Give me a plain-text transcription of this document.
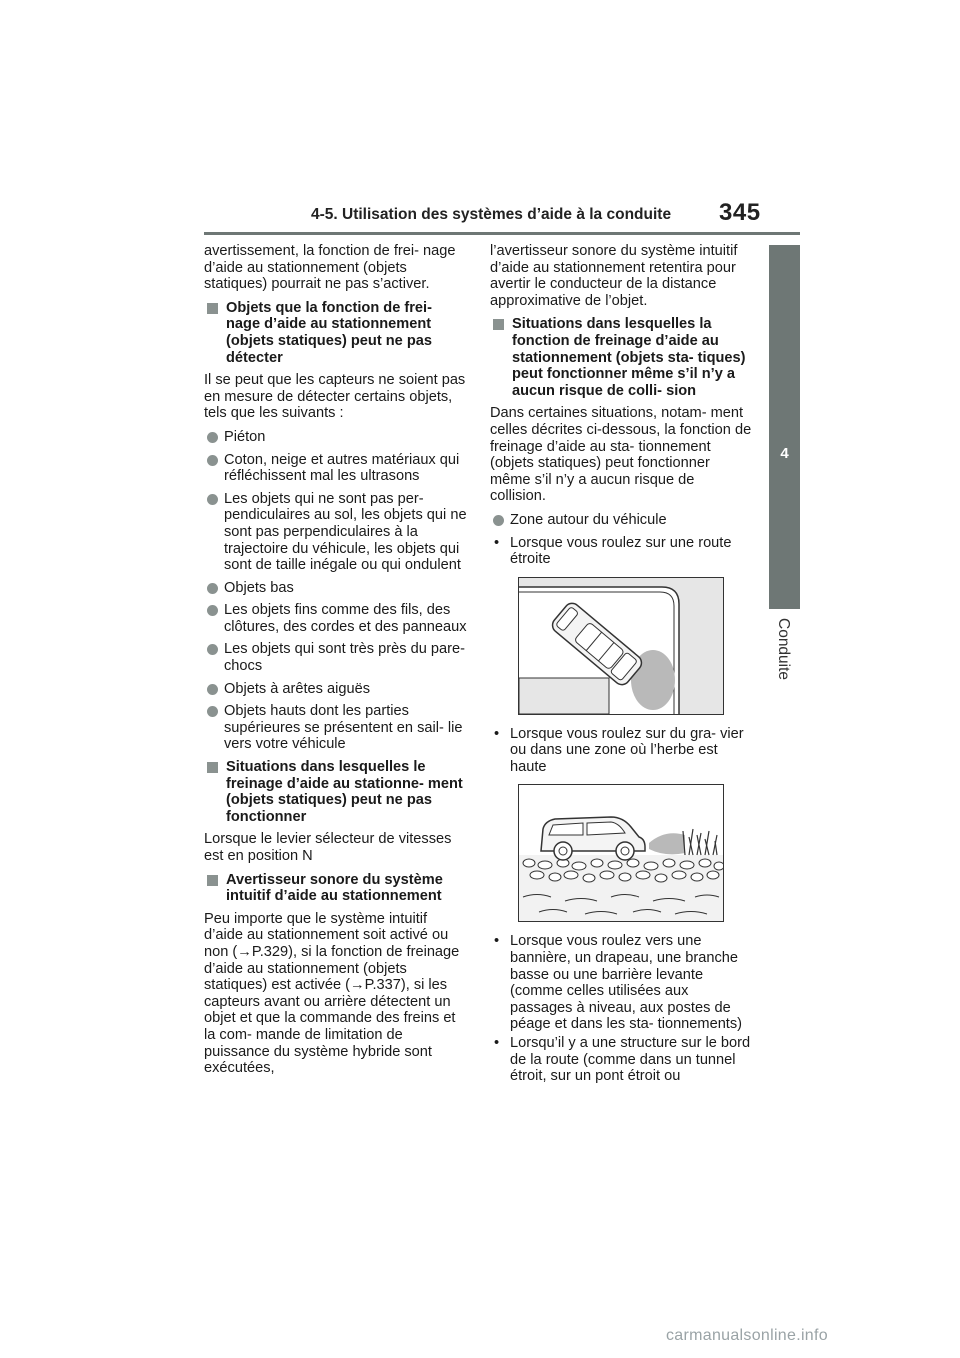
4-5. Utilisation des systèmes d’aide à la conduite 345
4
Conduite

avertissement, la fonction de frei- nage d’aide au stationnement (objets statiques) pourrait ne pas s’activer.

Objets que la fonction de frei- nage d’aide au stationnement (objets statiques) peut ne pas détecter

Il se peut que les capteurs ne soient pas en mesure de détecter certains objets, tels que les suivants :

Piéton
Coton, neige et autres matériaux qui réfléchissent mal les ultrasons
Les objets qui ne sont pas per- pendiculaires au sol, les objets qui ne sont pas perpendiculaires à la trajectoire du véhicule, les objets qui sont de taille inégale ou qui ondulent
Objets bas
Les objets fins comme des fils, des clôtures, des cordes et des panneaux
Les objets qui sont très près du pare-chocs
Objets à arêtes aiguës
Objets hauts dont les parties supérieures se présentent en sail- lie vers votre véhicule
Situations dans lesquelles le freinage d’aide au stationne- ment (objets statiques) peut ne pas fonctionner

Lorsque le levier sélecteur de vitesses est en position N

Avertisseur sonore du système intuitif d’aide au stationnement

Peu importe que le système intuitif d’aide au stationnement soit activé ou non (→P.329), si la fonction de freinage d’aide au stationnement (objets statiques) est activée (→P.337), si les capteurs avant ou arrière détectent un objet et que la commande des freins et la com- mande de limitation de puissance du système hybride sont exécutées,

l’avertisseur sonore du système intuitif d’aide au stationnement retentira pour avertir le conducteur de la distance approximative de l’objet.

Situations dans lesquelles la fonction de freinage d’aide au stationnement (objets sta- tiques) peut fonctionner même s’il n’y a aucun risque de colli- sion

Dans certaines situations, notam- ment celles décrites ci-dessous, la fonction de freinage d’aide au sta- tionnement (objets statiques) peut fonctionner même s’il n’y a aucun risque de collision.

Zone autour du véhicule
• Lorsque vous roulez sur une route étroite
• Lorsque vous roulez sur du gra- vier ou dans une zone où l’herbe est haute
• Lorsque vous roulez vers une bannière, un drapeau, une branche basse ou une barrière levante (comme celles utilisées aux passages à niveau, aux postes de péage et dans les sta- tionnements)
• Lorsqu’il y a une structure sur le bord de la route (comme dans un tunnel étroit, sur un pont étroit ou
carmanualsonline.info
